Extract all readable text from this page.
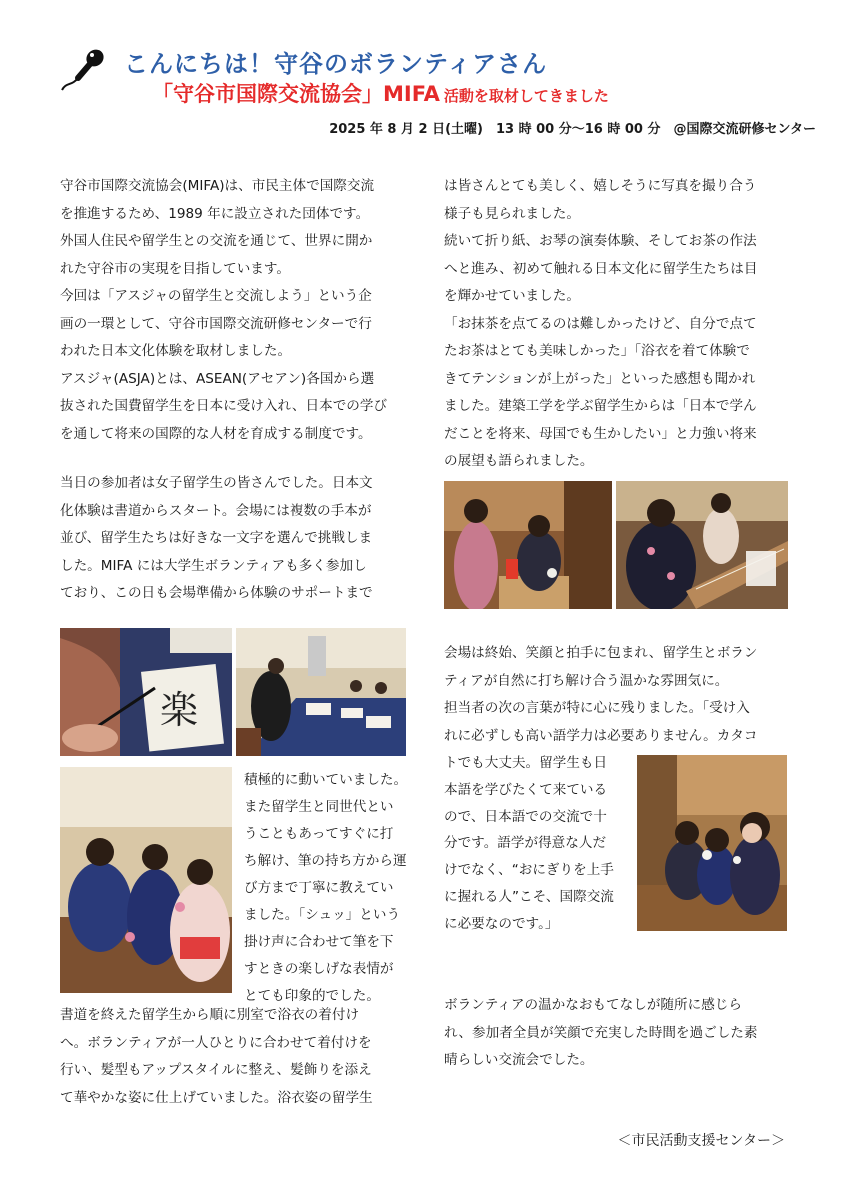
こんにちは！守谷のボランティアさん
「守谷市国際交流協会」MIFA 活動を取材してきました
2025 年 8 月 2 日(土曜)　13 時 00 分～16 時 00 分　@国際交流研修センター

守谷市国際交流協会(MIFA)は、市民主体で国際交流

を推進するため、1989 年に設立された団体です。

外国人住民や留学生との交流を通じて、世界に開か

れた守谷市の実現を目指しています。

今回は「アスジャの留学生と交流しよう」という企

画の一環として、守谷市国際交流研修センターで行

われた日本文化体験を取材しました。

アスジャ(ASJA)とは、ASEAN(アセアン)各国から選

抜された国費留学生を日本に受け入れ、日本での学び

を通して将来の国際的な人材を育成する制度です。

当日の参加者は女子留学生の皆さんでした。日本文

化体験は書道からスタート。会場には複数の手本が

並び、留学生たちは好きな一文字を選んで挑戦しま

した。MIFA には大学生ボランティアも多く参加し

ており、この日も会場準備から体験のサポートまで

楽

積極的に動いていました。

また留学生と同世代とい

うこともあってすぐに打

ち解け、筆の持ち方から運

び方まで丁寧に教えてい

ました。「シュッ」という

掛け声に合わせて筆を下

すときの楽しげな表情が

とても印象的でした。

書道を終えた留学生から順に別室で浴衣の着付け

へ。ボランティアが一人ひとりに合わせて着付けを

行い、髪型もアップスタイルに整え、髪飾りを添え

て華やかな姿に仕上げていました。浴衣姿の留学生

は皆さんとても美しく、嬉しそうに写真を撮り合う

様子も見られました。

続いて折り紙、お琴の演奏体験、そしてお茶の作法

へと進み、初めて触れる日本文化に留学生たちは目

を輝かせていました。

「お抹茶を点てるのは難しかったけど、自分で点て

たお茶はとても美味しかった」「浴衣を着て体験で

きてテンションが上がった」といった感想も聞かれ

ました。建築工学を学ぶ留学生からは「日本で学ん

だことを将来、母国でも生かしたい」と力強い将来

の展望も語られました。

会場は終始、笑顔と拍手に包まれ、留学生とボラン

ティアが自然に打ち解け合う温かな雰囲気に。

担当者の次の言葉が特に心に残りました。「受け入

れに必ずしも高い語学力は必要ありません。カタコ

トでも大丈夫。留学生も日

本語を学びたくて来ている

ので、日本語での交流で十

分です。語学が得意な人だ

けでなく、“おにぎりを上手

に握れる人”こそ、国際交流

に必要なのです。」

ボランティアの温かなおもてなしが随所に感じら

れ、参加者全員が笑顔で充実した時間を過ごした素

晴らしい交流会でした。

＜市民活動支援センター＞
